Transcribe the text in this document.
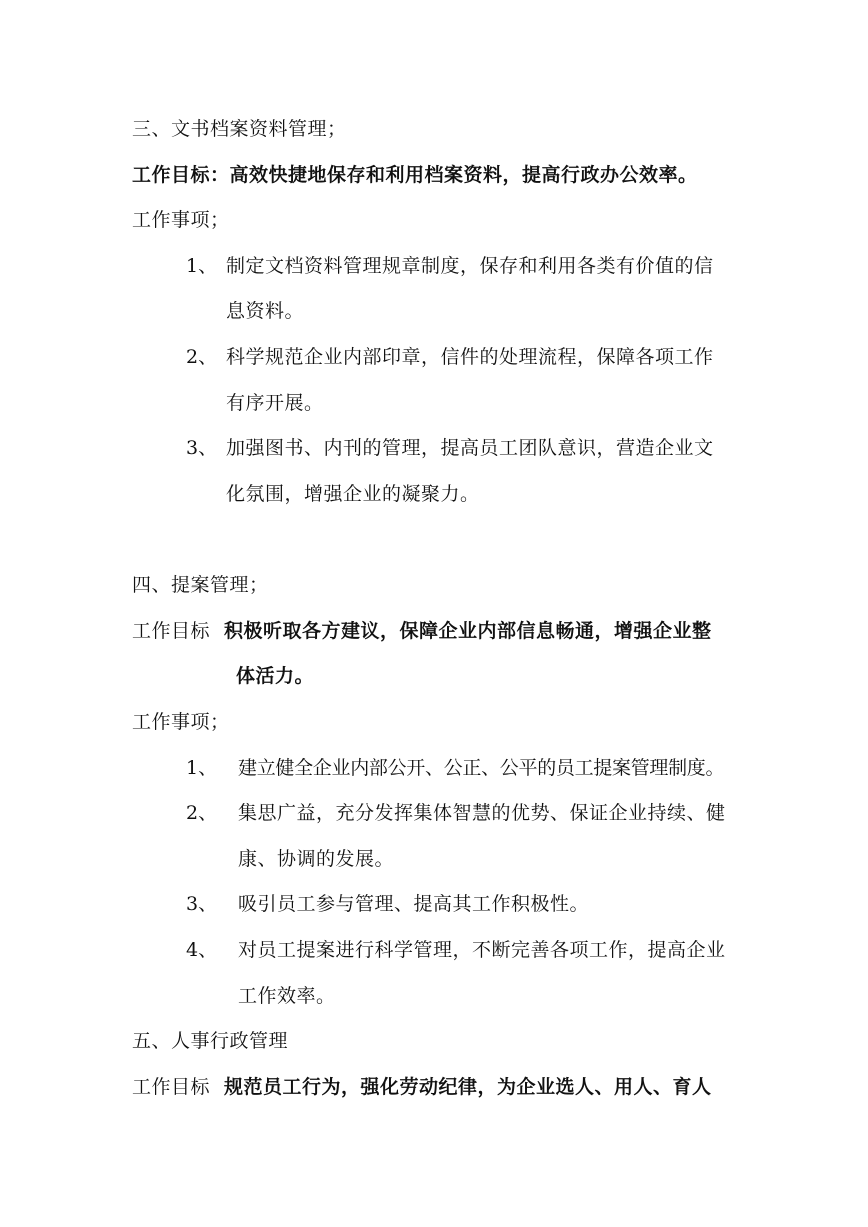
三、文书档案资料管理；
工作目标：高效快捷地保存和利用档案资料，提高行政办公效率。
工作事项；
1、 制定文档资料管理规章制度，保存和利用各类有价值的信
息资料。
2、 科学规范企业内部印章，信件的处理流程，保障各项工作
有序开展。
3、 加强图书、内刊的管理，提高员工团队意识，营造企业文
化氛围，增强企业的凝聚力。
四、提案管理；
工作目标 积极听取各方建议，保障企业内部信息畅通，增强企业整
体活力。
工作事项；
1、 建立健全企业内部公开、公正、公平的员工提案管理制度。
2、 集思广益，充分发挥集体智慧的优势、保证企业持续、健
康、协调的发展。
3、 吸引员工参与管理、提高其工作积极性。
4、 对员工提案进行科学管理，不断完善各项工作，提高企业
工作效率。
五、人事行政管理
工作目标 规范员工行为，强化劳动纪律，为企业选人、用人、育人
